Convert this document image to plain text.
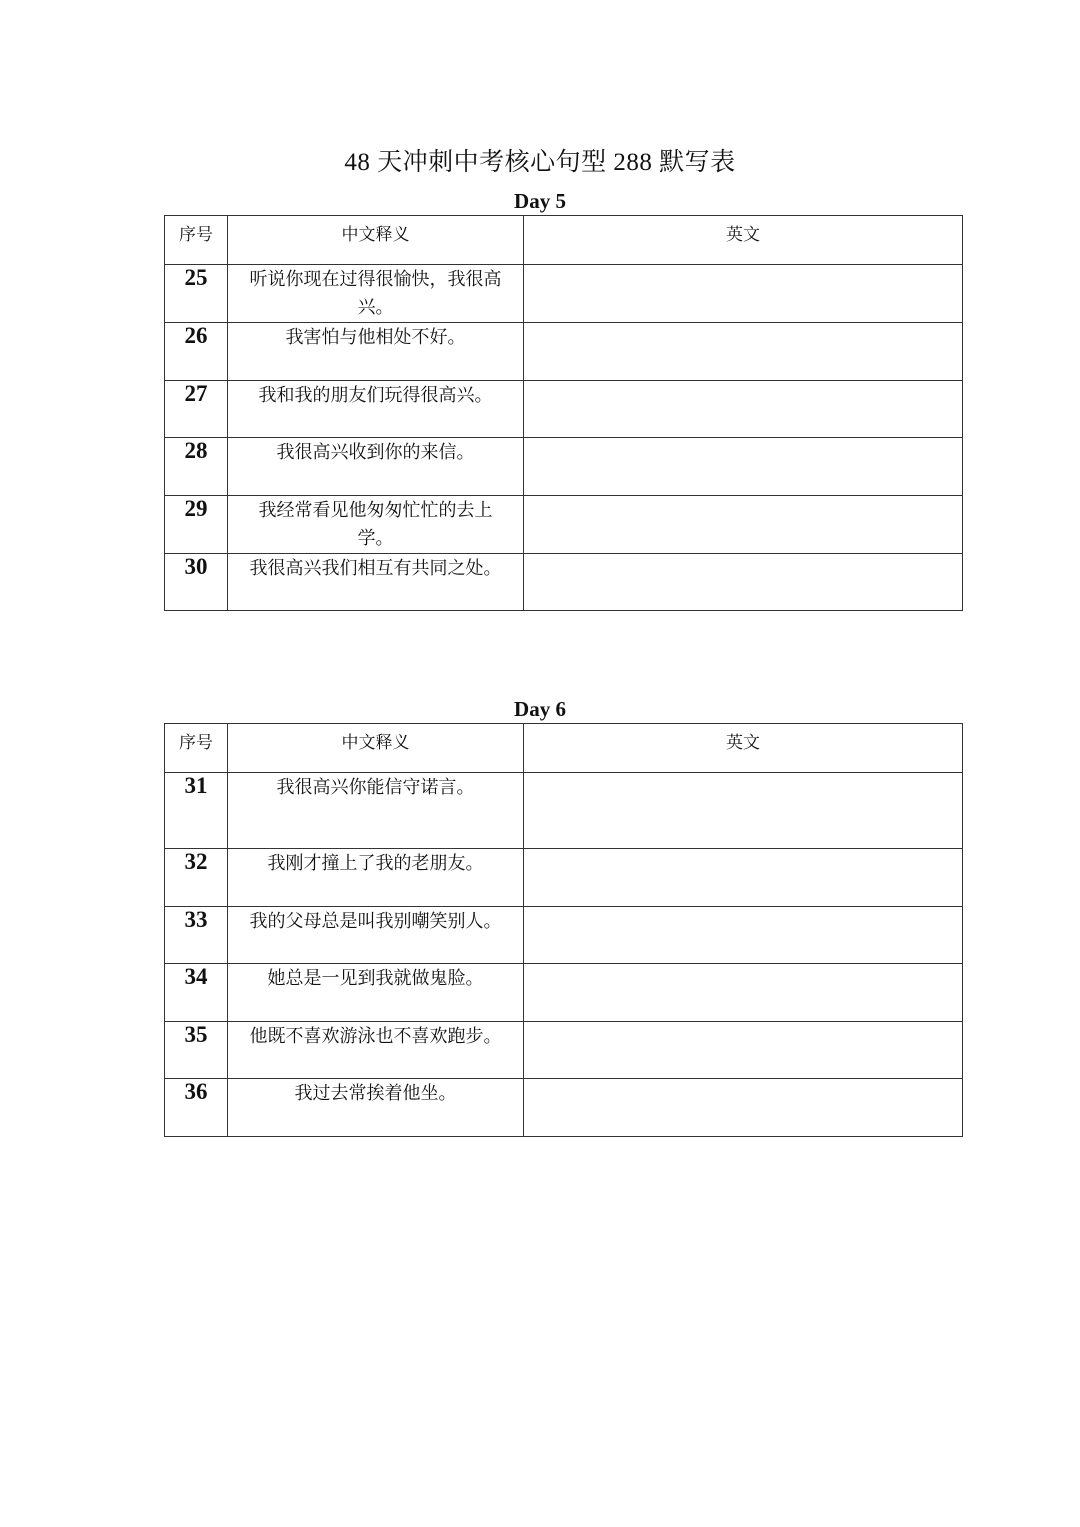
48 天冲刺中考核心句型 288 默写表
Day 5
序号	中文释义	英文
25	听说你现在过得很愉快，我很高兴。	
26	我害怕与他相处不好。	
27	我和我的朋友们玩得很高兴。	
28	我很高兴收到你的来信。	
29	我经常看见他匆匆忙忙的去上学。	
30	我很高兴我们相互有共同之处。	
Day 6
序号	中文释义	英文
31	我很高兴你能信守诺言。	
32	我刚才撞上了我的老朋友。	
33	我的父母总是叫我别嘲笑别人。	
34	她总是一见到我就做鬼脸。	
35	他既不喜欢游泳也不喜欢跑步。	
36	我过去常挨着他坐。	
